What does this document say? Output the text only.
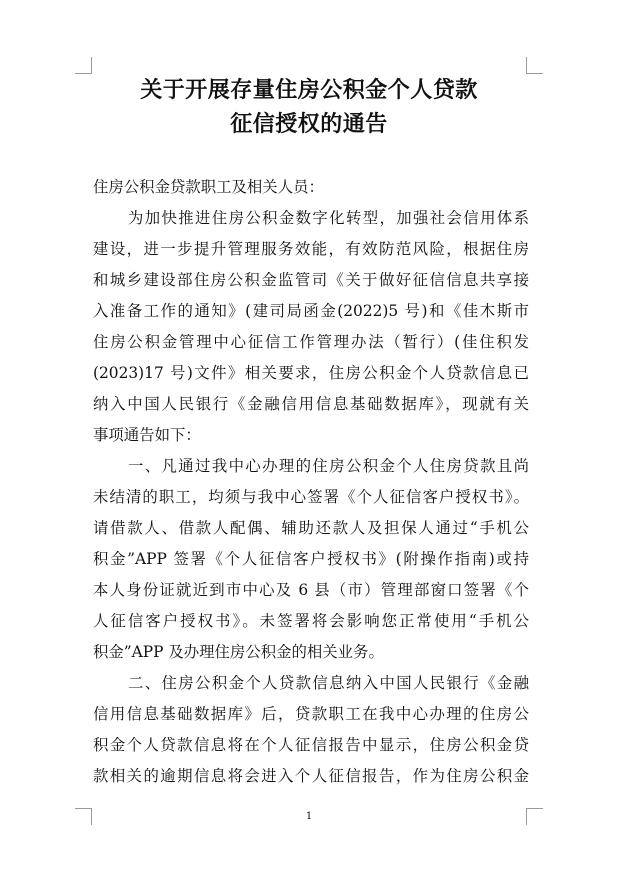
关于开展存量住房公积金个人贷款
征信授权的通告
住房公积金贷款职工及相关人员：
为加快推进住房公积金数字化转型，加强社会信用体系
建设，进一步提升管理服务效能，有效防范风险，根据住房
和城乡建设部住房公积金监管司《关于做好征信信息共享接
入准备工作的通知》(建司局函金(2022)5 号)和《佳木斯市
住房公积金管理中心征信工作管理办法（暂行）(佳住积发
(2023)17 号)文件》相关要求，住房公积金个人贷款信息已
纳入中国人民银行《金融信用信息基础数据库》，现就有关
事项通告如下：
一、凡通过我中心办理的住房公积金个人住房贷款且尚
未结清的职工，均须与我中心签署《个人征信客户授权书》。
请借款人、借款人配偶、辅助还款人及担保人通过“手机公
积金”APP 签署《个人征信客户授权书》(附操作指南)或持
本人身份证就近到市中心及 6 县（市）管理部窗口签署《个
人征信客户授权书》。未签署将会影响您正常使用“手机公
积金”APP 及办理住房公积金的相关业务。
二、住房公积金个人贷款信息纳入中国人民银行《金融
信用信息基础数据库》后，贷款职工在我中心办理的住房公
积金个人贷款信息将在个人征信报告中显示，住房公积金贷
款相关的逾期信息将会进入个人征信报告，作为住房公积金
1
